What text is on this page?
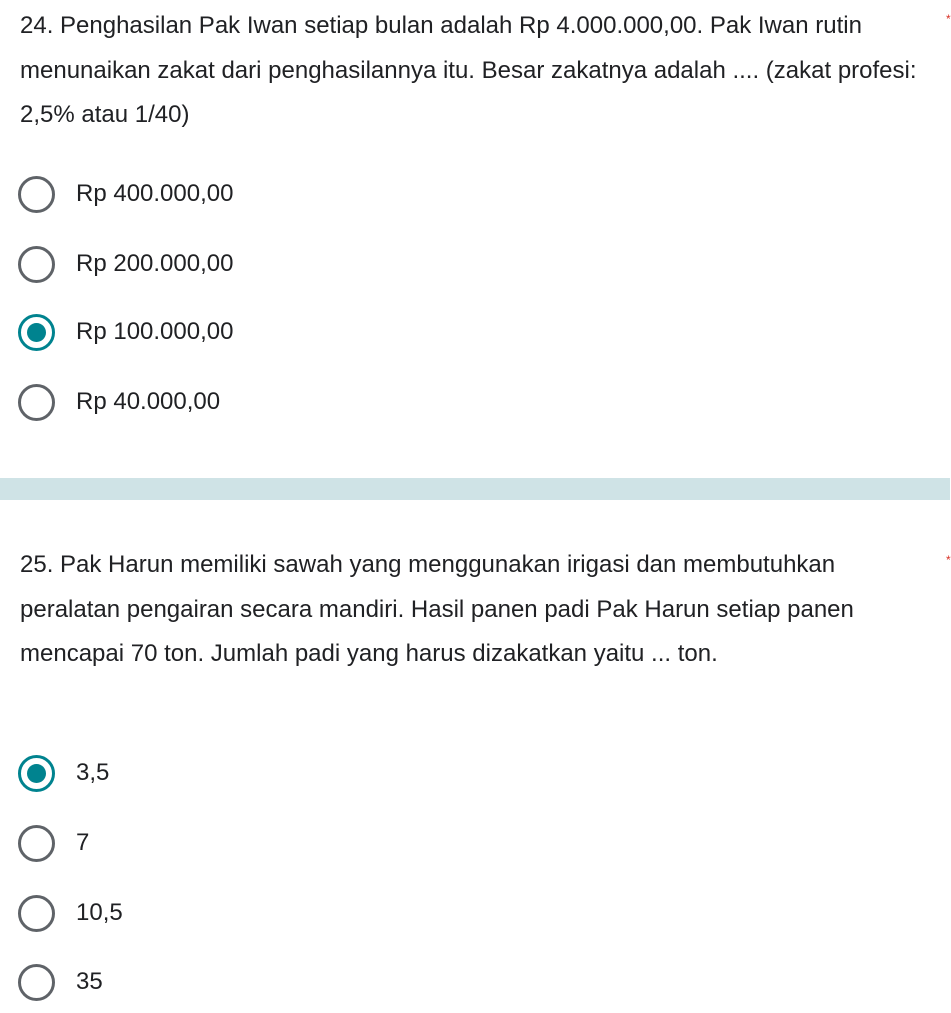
24. Penghasilan Pak Iwan setiap bulan adalah Rp 4.000.000,00. Pak Iwan rutin menunaikan zakat dari penghasilannya itu. Besar zakatnya adalah .... (zakat profesi: 2,5% atau 1/40)

*
Rp 400.000,00
Rp 200.000,00
Rp 100.000,00
Rp 40.000,00

25. Pak Harun memiliki sawah yang menggunakan irigasi dan membutuhkan peralatan pengairan secara mandiri. Hasil panen padi Pak Harun setiap panen mencapai 70 ton. Jumlah padi yang harus dizakatkan yaitu ... ton.

*
3,5
7
10,5
35
